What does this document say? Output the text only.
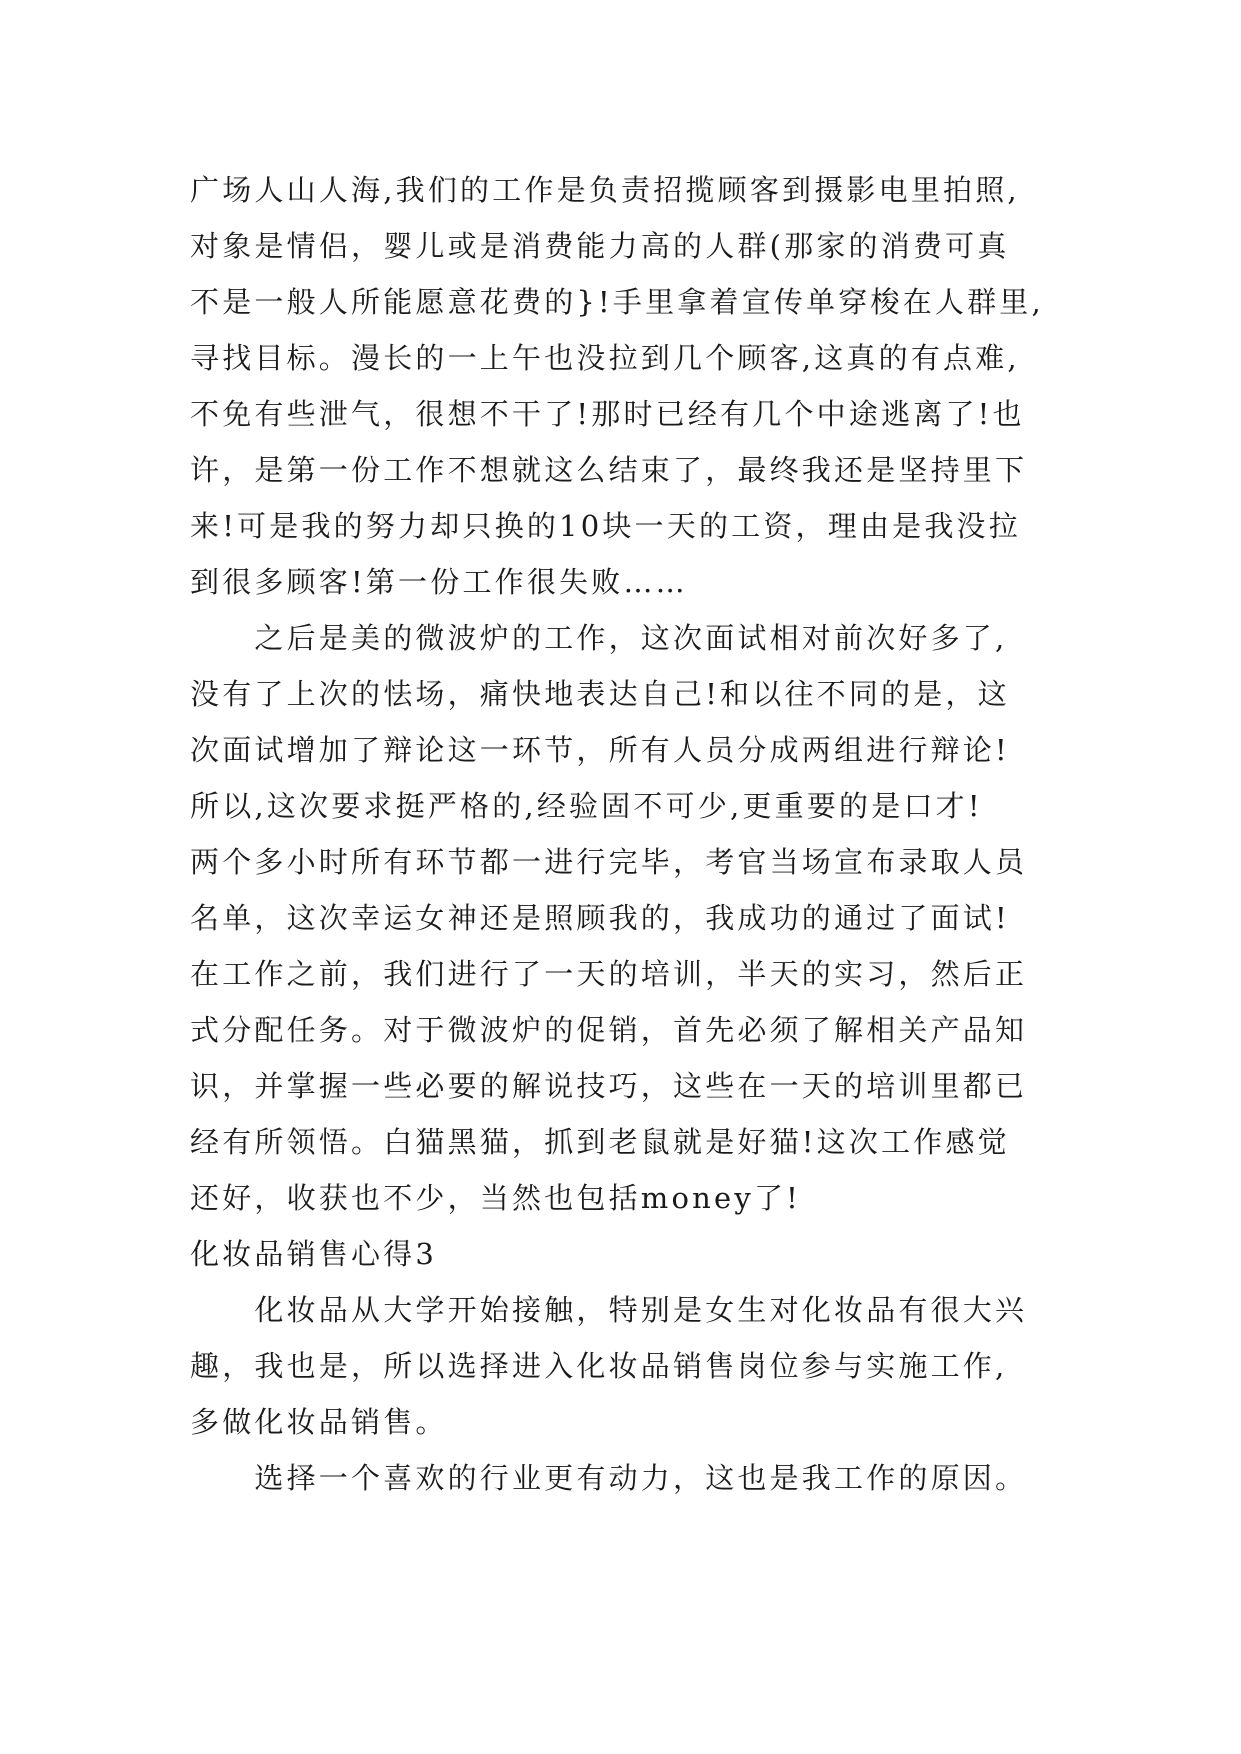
广场人山人海,我们的工作是负责招揽顾客到摄影电里拍照,
对象是情侣，婴儿或是消费能力高的人群(那家的消费可真
不是一般人所能愿意花费的}!手里拿着宣传单穿梭在人群里,
寻找目标。漫长的一上午也没拉到几个顾客,这真的有点难,
不免有些泄气，很想不干了!那时已经有几个中途逃离了!也
许，是第一份工作不想就这么结束了，最终我还是坚持里下
来!可是我的努力却只换的10块一天的工资，理由是我没拉
到很多顾客!第一份工作很失败……
　　之后是美的微波炉的工作，这次面试相对前次好多了,
没有了上次的怯场，痛快地表达自己!和以往不同的是，这
次面试增加了辩论这一环节，所有人员分成两组进行辩论!
所以,这次要求挺严格的,经验固不可少,更重要的是口才!
两个多小时所有环节都一进行完毕，考官当场宣布录取人员
名单，这次幸运女神还是照顾我的，我成功的通过了面试!
在工作之前，我们进行了一天的培训，半天的实习，然后正
式分配任务。对于微波炉的促销，首先必须了解相关产品知
识，并掌握一些必要的解说技巧，这些在一天的培训里都已
经有所领悟。白猫黑猫，抓到老鼠就是好猫!这次工作感觉
还好，收获也不少，当然也包括money了!
化妆品销售心得3
　　化妆品从大学开始接触，特别是女生对化妆品有很大兴
趣，我也是，所以选择进入化妆品销售岗位参与实施工作,
多做化妆品销售。
　　选择一个喜欢的行业更有动力，这也是我工作的原因。
